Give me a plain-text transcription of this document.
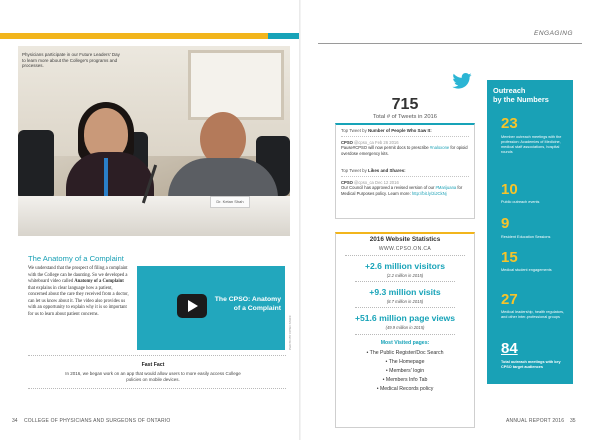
Dr. Ketan Shah
Physicians participate in our Future Leaders' Day to learn more about the College's programs and processes.
The Anatomy of a Complaint
We understand that the prospect of filing a complaint with the College can be daunting. So we developed a whiteboard video called Anatomy of a Complaint that explains in clear language how a patient, concerned about the care they received from a doctor, can let us know about it. The video also provides us with an opportunity to explain why it is so important for us to learn about patient concerns.
The CPSO: Anatomy of a Complaint
Fast Fact
In 2016, we began work on an app that would allow users to more easily access College policies on mobile devices.
PHOTO BY CPSO STAFF
34 COLLEGE OF PHYSICIANS AND SURGEONS OF ONTARIO
ENGAGING
715
Total # of Tweets in 2016
Top Tweet by Number of People Who Saw It:
CPSO @cpso_ca Feb 26 2016
Pause#CPSO will now permit docs to prescribe #naloxone for opioid overdose emergency kits.
Top Tweet by Likes and Shares:
CPSO @cpso_ca Dec 12 2016
Our Council has approved a revised version of our #Marijuana for Medical Purposes policy. Learn more: http://bit.ly/2iJCkNj
2016 Website Statistics
WWW.CPSO.ON.CA
+2.6 million visitors
(2.2 million in 2015)
+9.3 million visits
(8.7 million in 2015)
+51.6 million page views
(49.9 million in 2015)
Most Visited pages:
• The Public Register/Doc Search
• The Homepage
• Members' login
• Members Info Tab
• Medical Records policy
Outreach
by the Numbers
23
Member outreach meetings with the profession: Academies of Medicine, medical staff associations, hospital rounds
10
Public outreach events
9
Resident Education Sessions
15
Medical student engagements
27
Medical leadership, health regulators, and other inter-professional groups
84
Total outreach meetings with key CPSO target audiences
ANNUAL REPORT 2016 35
